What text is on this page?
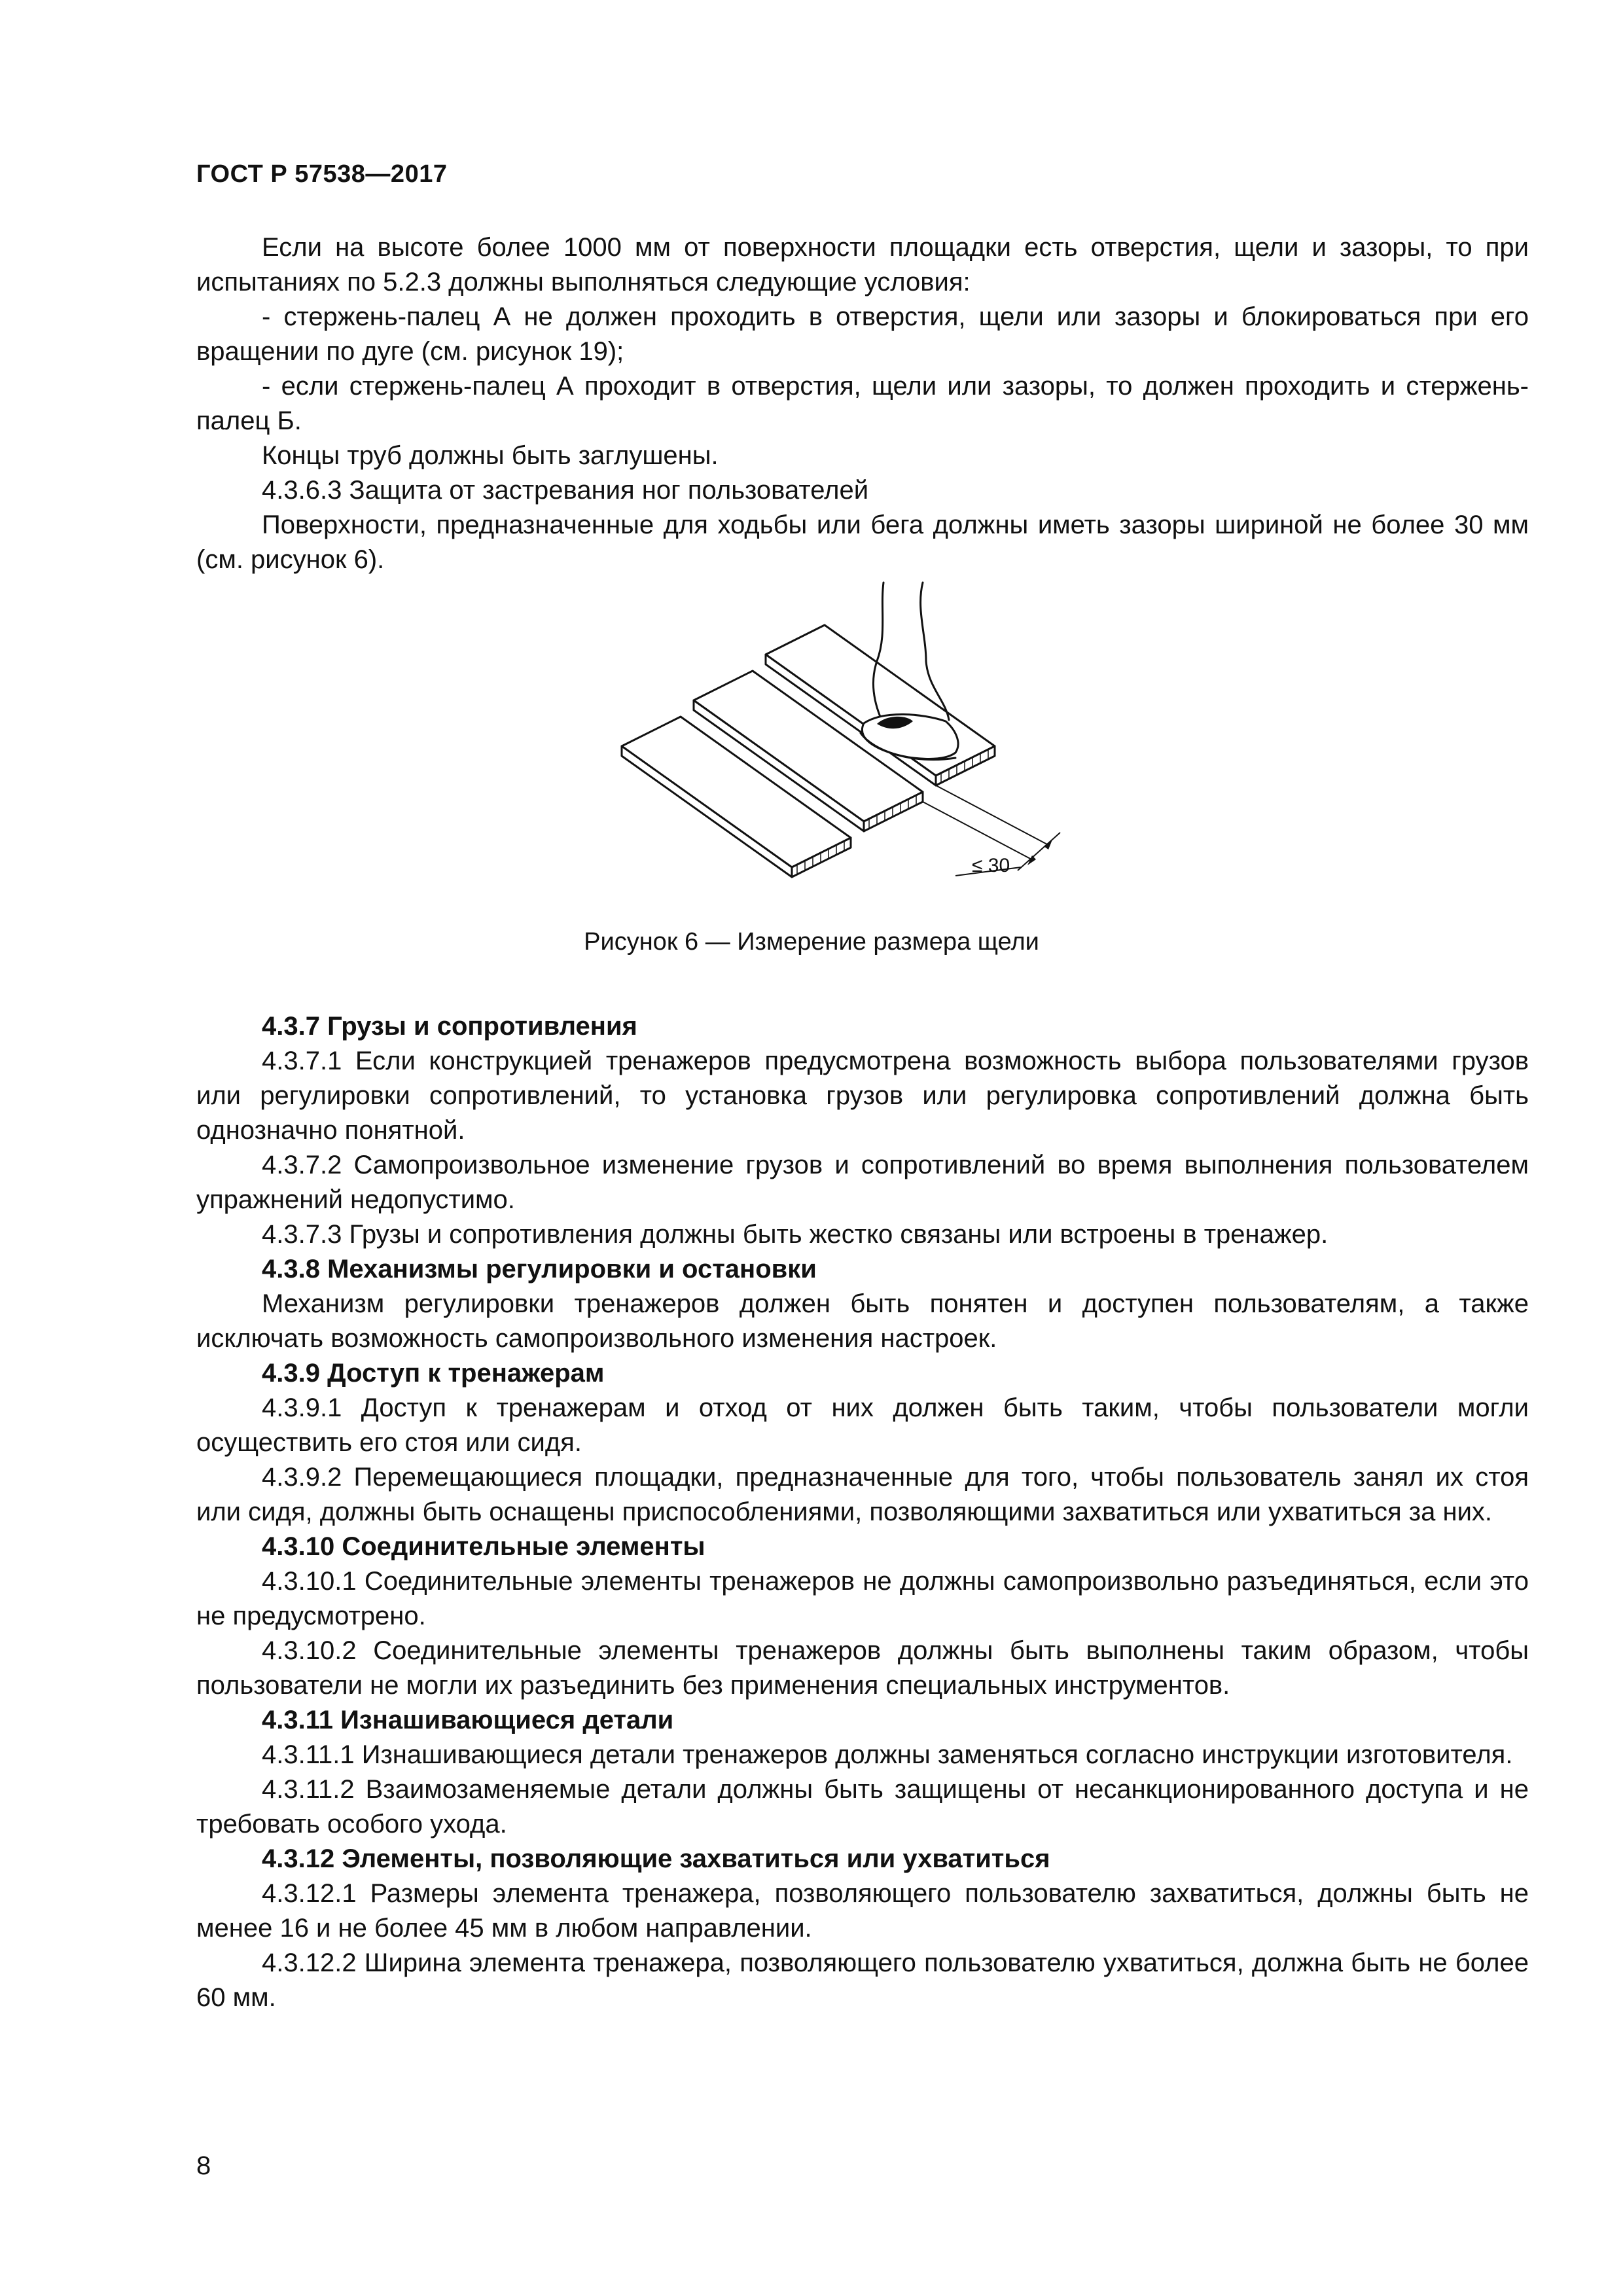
ГОСТ Р 57538—2017

Если на высоте более 1000 мм от поверхности площадки есть отверстия, щели и зазоры, то при испытаниях по 5.2.3 должны выполняться следующие условия:

- стержень-палец А не должен проходить в отверстия, щели или зазоры и блокироваться при его вращении по дуге (см. рисунок 19);

- если стержень-палец А проходит в отверстия, щели или зазоры, то должен проходить и стержень-палец Б.

Концы труб должны быть заглушены.

4.3.6.3 Защита от застревания ног пользователей

Поверхности, предназначенные для ходьбы или бега должны иметь зазоры шириной не более 30 мм (см. рисунок 6).

≤ 30
Рисунок 6 — Измерение размера щели

4.3.7 Грузы и сопротивления

4.3.7.1 Если конструкцией тренажеров предусмотрена возможность выбора пользователями грузов или регулировки сопротивлений, то установка грузов или регулировка сопротивлений должна быть однозначно понятной.

4.3.7.2 Самопроизвольное изменение грузов и сопротивлений во время выполнения пользователем упражнений недопустимо.

4.3.7.3 Грузы и сопротивления должны быть жестко связаны или встроены в тренажер.

4.3.8 Механизмы регулировки и остановки

Механизм регулировки тренажеров должен быть понятен и доступен пользователям, а также исключать возможность самопроизвольного изменения настроек.

4.3.9 Доступ к тренажерам

4.3.9.1 Доступ к тренажерам и отход от них должен быть таким, чтобы пользователи могли осуществить его стоя или сидя.

4.3.9.2 Перемещающиеся площадки, предназначенные для того, чтобы пользователь занял их стоя или сидя, должны быть оснащены приспособлениями, позволяющими захватиться или ухватиться за них.

4.3.10 Соединительные элементы

4.3.10.1 Соединительные элементы тренажеров не должны самопроизвольно разъединяться, если это не предусмотрено.

4.3.10.2 Соединительные элементы тренажеров должны быть выполнены таким образом, чтобы пользователи не могли их разъединить без применения специальных инструментов.

4.3.11 Изнашивающиеся детали

4.3.11.1 Изнашивающиеся детали тренажеров должны заменяться согласно инструкции изготовителя.

4.3.11.2 Взаимозаменяемые детали должны быть защищены от несанкционированного доступа и не требовать особого ухода.

4.3.12 Элементы, позволяющие захватиться или ухватиться

4.3.12.1 Размеры элемента тренажера, позволяющего пользователю захватиться, должны быть не менее 16 и не более 45 мм в любом направлении.

4.3.12.2 Ширина элемента тренажера, позволяющего пользователю ухватиться, должна быть не более 60 мм.

8
